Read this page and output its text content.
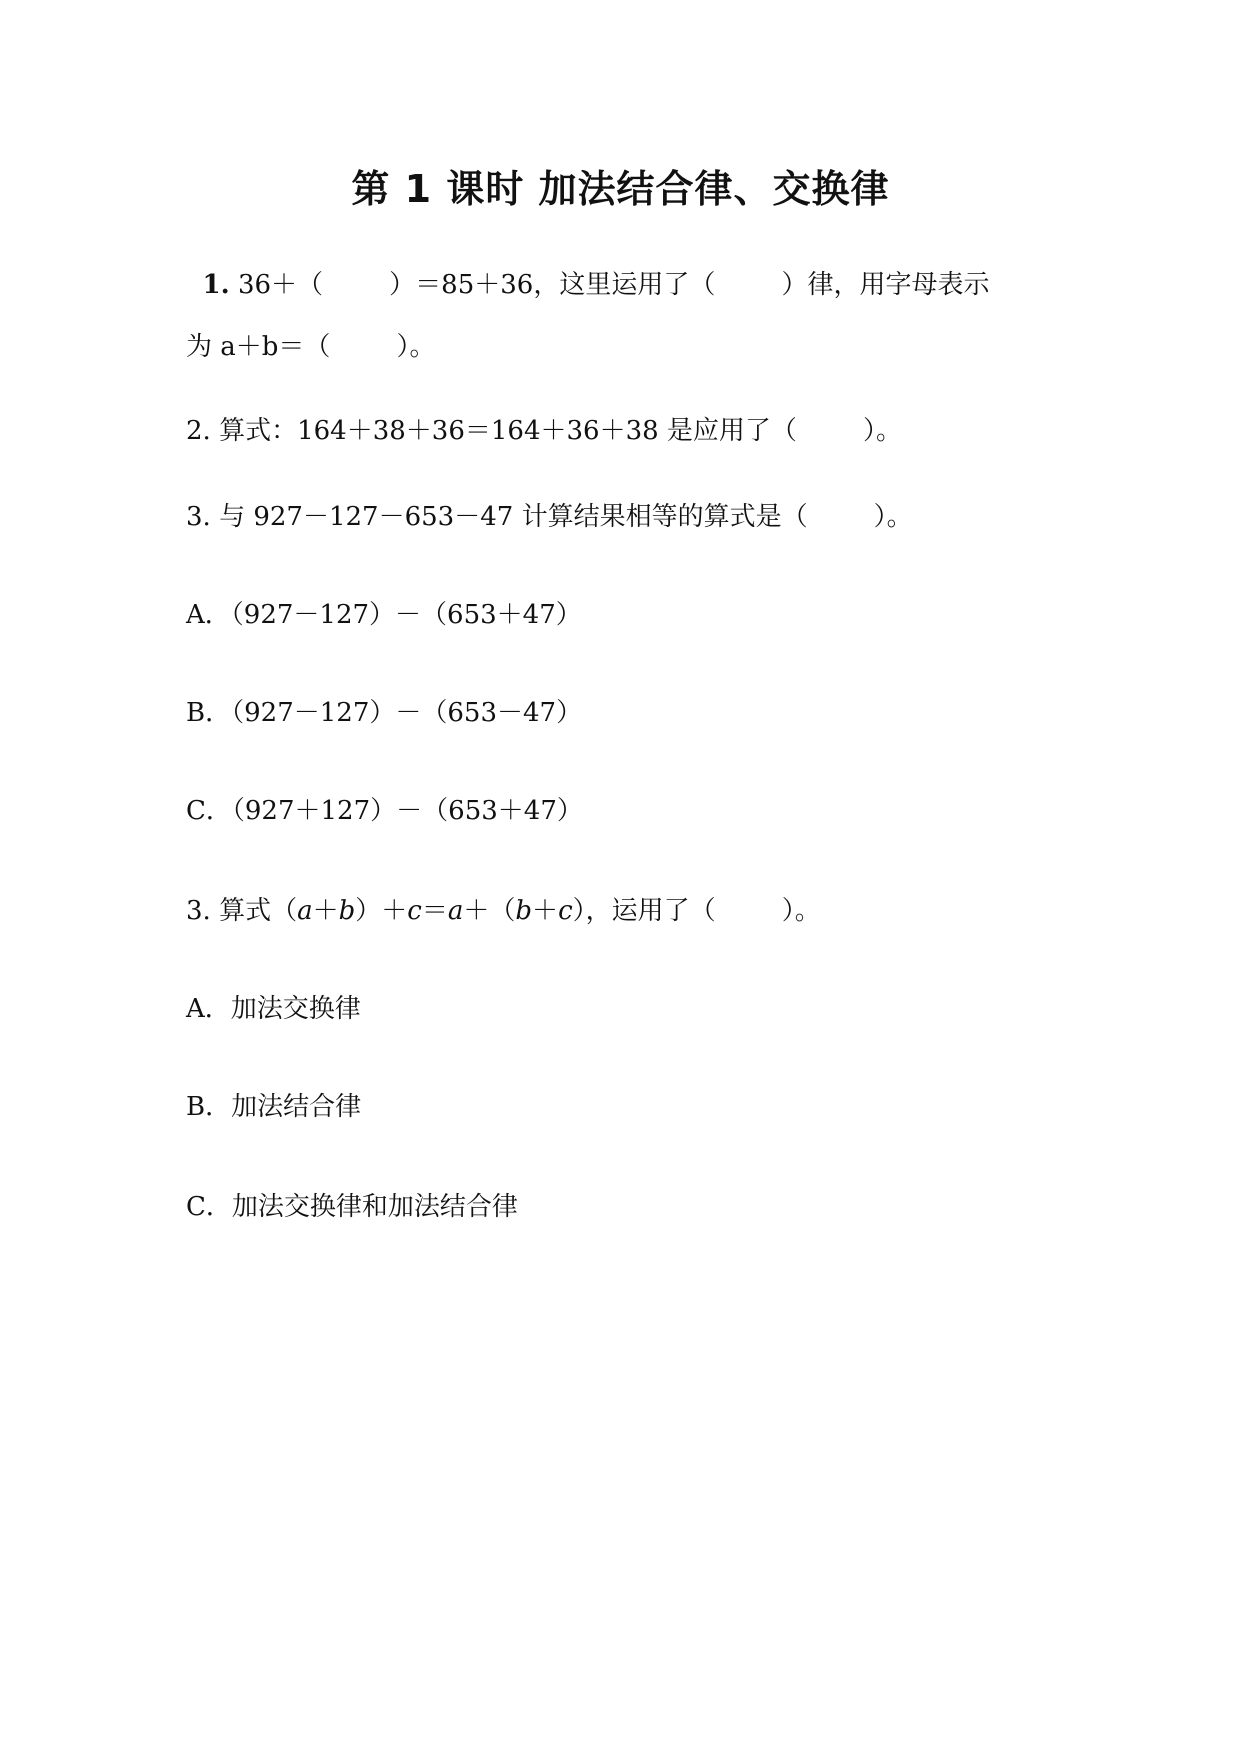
第 1 课时 加法结合律、交换律

1. 36＋（        ）＝85＋36，这里运用了（        ）律，用字母表示

为 a＋b＝（        ）。
2. 算式：164＋38＋36＝164＋36＋38 是应用了（        ）。
3. 与 927－127－653－47 计算结果相等的算式是（        ）。
A．（927－127）－（653＋47）
B．（927－127）－（653－47）
C．（927＋127）－（653＋47）
3. 算式（a＋b）＋c＝a＋（b＋c），运用了（        ）。
A．加法交换律
B．加法结合律
C．加法交换律和加法结合律
